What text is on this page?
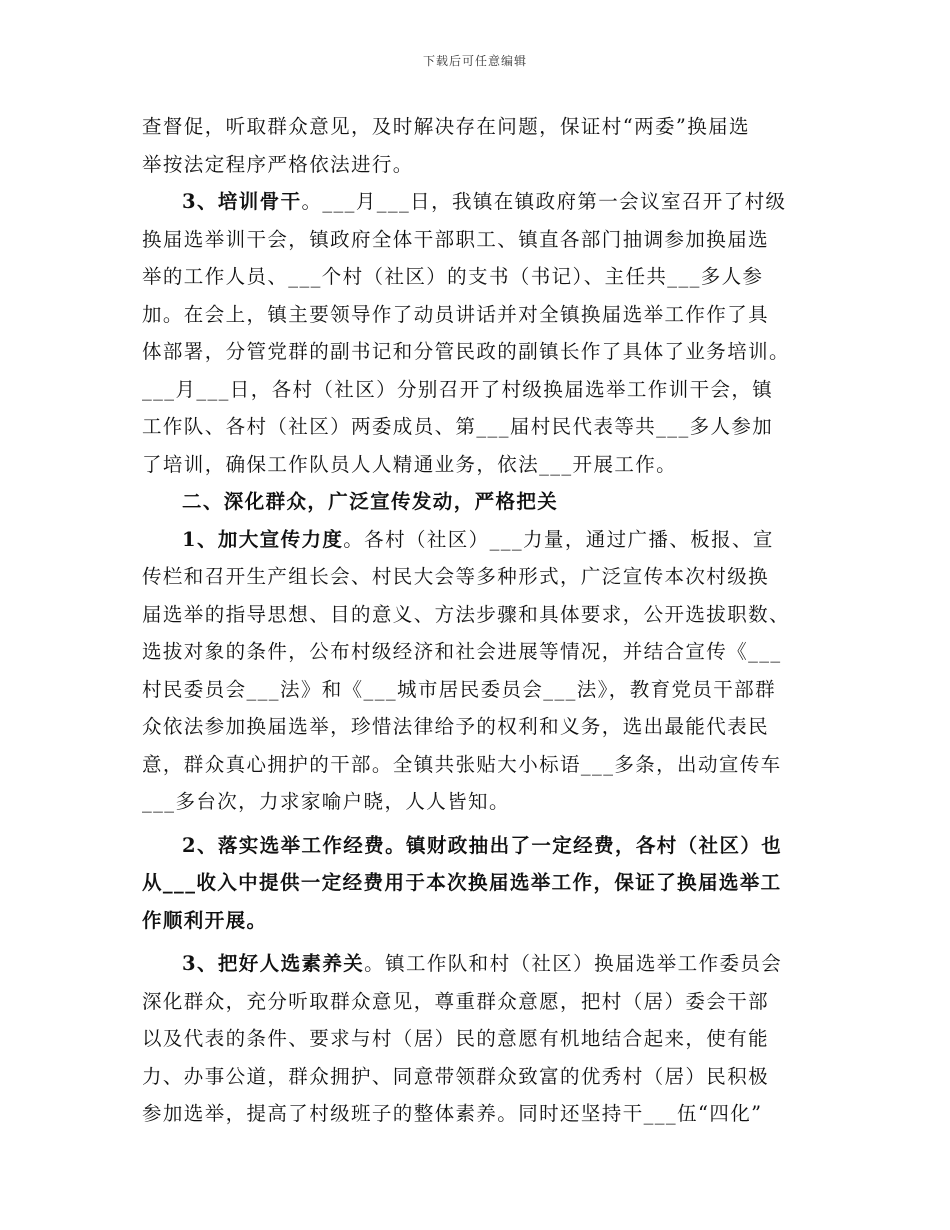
下载后可任意编辑
查督促，听取群众意见，及时解决存在问题，保证村“两委”换届选
举按法定程序严格依法进行。
3、培训骨干。___月___日，我镇在镇政府第一会议室召开了村级
换届选举训干会，镇政府全体干部职工、镇直各部门抽调参加换届选
举的工作人员、___个村（社区）的支书（书记）、主任共___多人参
加。在会上，镇主要领导作了动员讲话并对全镇换届选举工作作了具
体部署，分管党群的副书记和分管民政的副镇长作了具体了业务培训。
___月___日，各村（社区）分别召开了村级换届选举工作训干会，镇
工作队、各村（社区）两委成员、第___届村民代表等共___多人参加
了培训，确保工作队员人人精通业务，依法___开展工作。
二、深化群众，广泛宣传发动，严格把关
1、加大宣传力度。各村（社区）___力量，通过广播、板报、宣
传栏和召开生产组长会、村民大会等多种形式，广泛宣传本次村级换
届选举的指导思想、目的意义、方法步骤和具体要求，公开选拔职数、
选拔对象的条件，公布村级经济和社会进展等情况，并结合宣传《___
村民委员会___法》和《___城市居民委员会___法》，教育党员干部群
众依法参加换届选举，珍惜法律给予的权利和义务，选出最能代表民
意，群众真心拥护的干部。全镇共张贴大小标语___多条，出动宣传车
___多台次，力求家喻户晓，人人皆知。
2、落实选举工作经费。镇财政抽出了一定经费，各村（社区）也
从___收入中提供一定经费用于本次换届选举工作，保证了换届选举工
作顺利开展。
3、把好人选素养关。镇工作队和村（社区）换届选举工作委员会
深化群众，充分听取群众意见，尊重群众意愿，把村（居）委会干部
以及代表的条件、要求与村（居）民的意愿有机地结合起来，使有能
力、办事公道，群众拥护、同意带领群众致富的优秀村（居）民积极
参加选举，提高了村级班子的整体素养。同时还坚持干___伍“四化”
